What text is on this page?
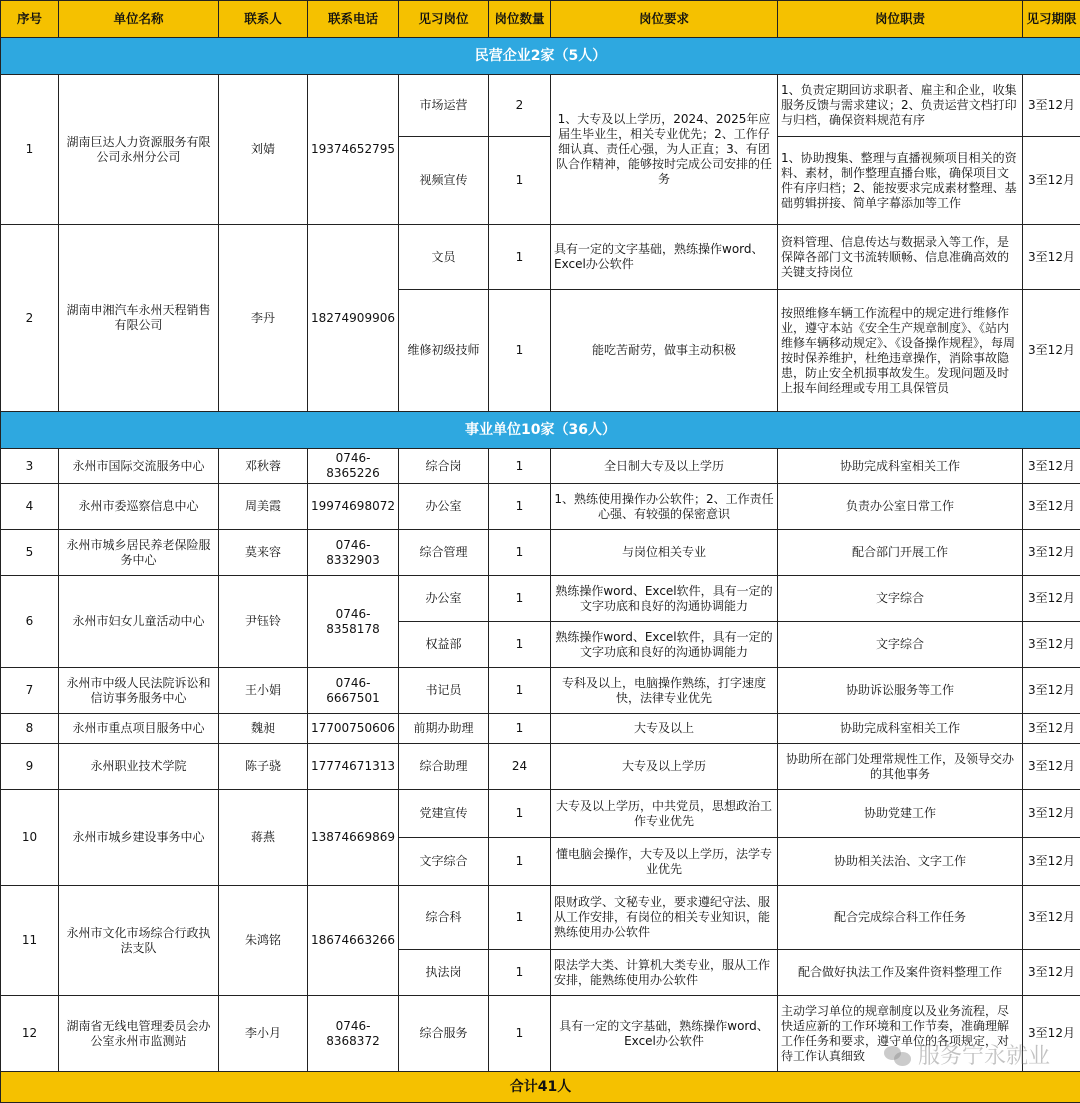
序号	单位名称	联系人	联系电话	见习岗位	岗位数量	岗位要求	岗位职责	见习期限
民营企业2家（5人）								
1	湖南巨达人力资源服务有限公司永州分公司	刘婧	19374652795	市场运营	2	1、大专及以上学历，2024、2025年应届生毕业生，相关专业优先；2、工作仔细认真、责任心强，为人正直；3、有团队合作精神，能够按时完成公司安排的任务	1、负责定期回访求职者、雇主和企业，收集服务反馈与需求建议；2、负责运营文档打印与归档，确保资料规范有序	3至12月
				视频宣传	1		1、协助搜集、整理与直播视频项目相关的资料、素材，制作整理直播台账，确保项目文件有序归档；2、能按要求完成素材整理、基础剪辑拼接、简单字幕添加等工作	3至12月
2	湖南申湘汽车永州天程销售有限公司	李丹	18274909906	文员	1	具有一定的文字基础，熟练操作word、Excel办公软件	资料管理、信息传达与数据录入等工作，是保障各部门文书流转顺畅、信息准确高效的关键支持岗位	3至12月
				维修初级技师	1	能吃苦耐劳，做事主动积极	按照维修车辆工作流程中的规定进行维修作业，遵守本站《安全生产规章制度》、《站内维修车辆移动规定》、《设备操作规程》，每周按时保养维护，杜绝违章操作，消除事故隐患，防止安全机损事故发生。发现问题及时上报车间经理或专用工具保管员	3至12月
事业单位10家（36人）								
3	永州市国际交流服务中心	邓秋蓉	0746-8365226	综合岗	1	全日制大专及以上学历	协助完成科室相关工作	3至12月
4	永州市委巡察信息中心	周美霞	19974698072	办公室	1	1、熟练使用操作办公软件；2、工作责任心强、有较强的保密意识	负责办公室日常工作	3至12月
5	永州市城乡居民养老保险服务中心	莫来容	0746-8332903	综合管理	1	与岗位相关专业	配合部门开展工作	3至12月
6	永州市妇女儿童活动中心	尹钰铃	0746-8358178	办公室	1	熟练操作word、Excel软件，具有一定的文字功底和良好的沟通协调能力	文字综合	3至12月
				权益部	1	熟练操作word、Excel软件，具有一定的文字功底和良好的沟通协调能力	文字综合	3至12月
7	永州市中级人民法院诉讼和信访事务服务中心	王小娟	0746-6667501	书记员	1	专科及以上，电脑操作熟练，打字速度快，法律专业优先	协助诉讼服务等工作	3至12月
8	永州市重点项目服务中心	魏昶	17700750606	前期办助理	1	大专及以上	协助完成科室相关工作	3至12月
9	永州职业技术学院	陈子骁	17774671313	综合助理	24	大专及以上学历	协助所在部门处理常规性工作，及领导交办的其他事务	3至12月
10	永州市城乡建设事务中心	蒋燕	13874669869	党建宣传	1	大专及以上学历，中共党员，思想政治工作专业优先	协助党建工作	3至12月
				文字综合	1	懂电脑会操作，大专及以上学历，法学专业优先	协助相关法治、文字工作	3至12月
11	永州市文化市场综合行政执法支队	朱鸿铭	18674663266	综合科	1	限财政学、文秘专业，要求遵纪守法、服从工作安排，有岗位的相关专业知识，能熟练使用办公软件	配合完成综合科工作任务	3至12月
				执法岗	1	限法学大类、计算机大类专业，服从工作安排，能熟练使用办公软件	配合做好执法工作及案件资料整理工作	3至12月
12	湖南省无线电管理委员会办公室永州市监测站	李小月	0746-8368372	综合服务	1	具有一定的文字基础，熟练操作word、Excel办公软件	主动学习单位的规章制度以及业务流程，尽快适应新的工作环境和工作节奏，准确理解工作任务和要求，遵守单位的各项规定，对待工作认真细致	3至12月
合计41人								
服务宁永就业
